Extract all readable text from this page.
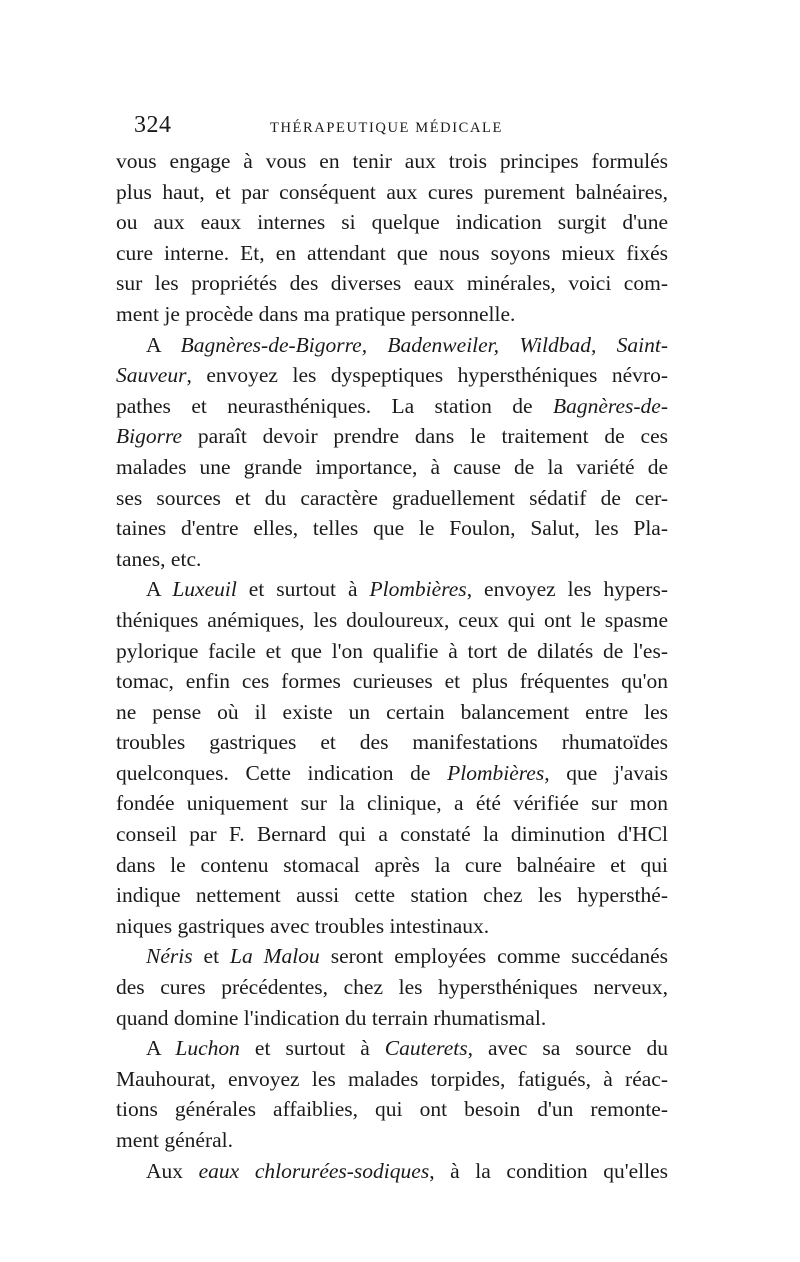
324	THÉRAPEUTIQUE MÉDICALE
vous engage à vous en tenir aux trois principes formulés
plus haut, et par conséquent aux cures purement balnéaires,
ou aux eaux internes si quelque indication surgit d'une
cure interne. Et, en attendant que nous soyons mieux fixés
sur les propriétés des diverses eaux minérales, voici com-
ment je procède dans ma pratique personnelle.
A Bagnères-de-Bigorre, Badenweiler, Wildbad, Saint-
Sauveur, envoyez les dyspeptiques hypersthéniques névro-
pathes et neurasthéniques. La station de Bagnères-de-
Bigorre paraît devoir prendre dans le traitement de ces
malades une grande importance, à cause de la variété de
ses sources et du caractère graduellement sédatif de cer-
taines d'entre elles, telles que le Foulon, Salut, les Pla-
tanes, etc.
A Luxeuil et surtout à Plombières, envoyez les hypers-
théniques anémiques, les douloureux, ceux qui ont le spasme
pylorique facile et que l'on qualifie à tort de dilatés de l'es-
tomac, enfin ces formes curieuses et plus fréquentes qu'on
ne pense où il existe un certain balancement entre les
troubles gastriques et des manifestations rhumatoïdes
quelconques. Cette indication de Plombières, que j'avais
fondée uniquement sur la clinique, a été vérifiée sur mon
conseil par F. Bernard qui a constaté la diminution d'HCl
dans le contenu stomacal après la cure balnéaire et qui
indique nettement aussi cette station chez les hypersthé-
niques gastriques avec troubles intestinaux.
Néris et La Malou seront employées comme succédanés
des cures précédentes, chez les hypersthéniques nerveux,
quand domine l'indication du terrain rhumatismal.
A Luchon et surtout à Cauterets, avec sa source du
Mauhourat, envoyez les malades torpides, fatigués, à réac-
tions générales affaiblies, qui ont besoin d'un remonte-
ment général.
Aux eaux chlorurées-sodiques, à la condition qu'elles
